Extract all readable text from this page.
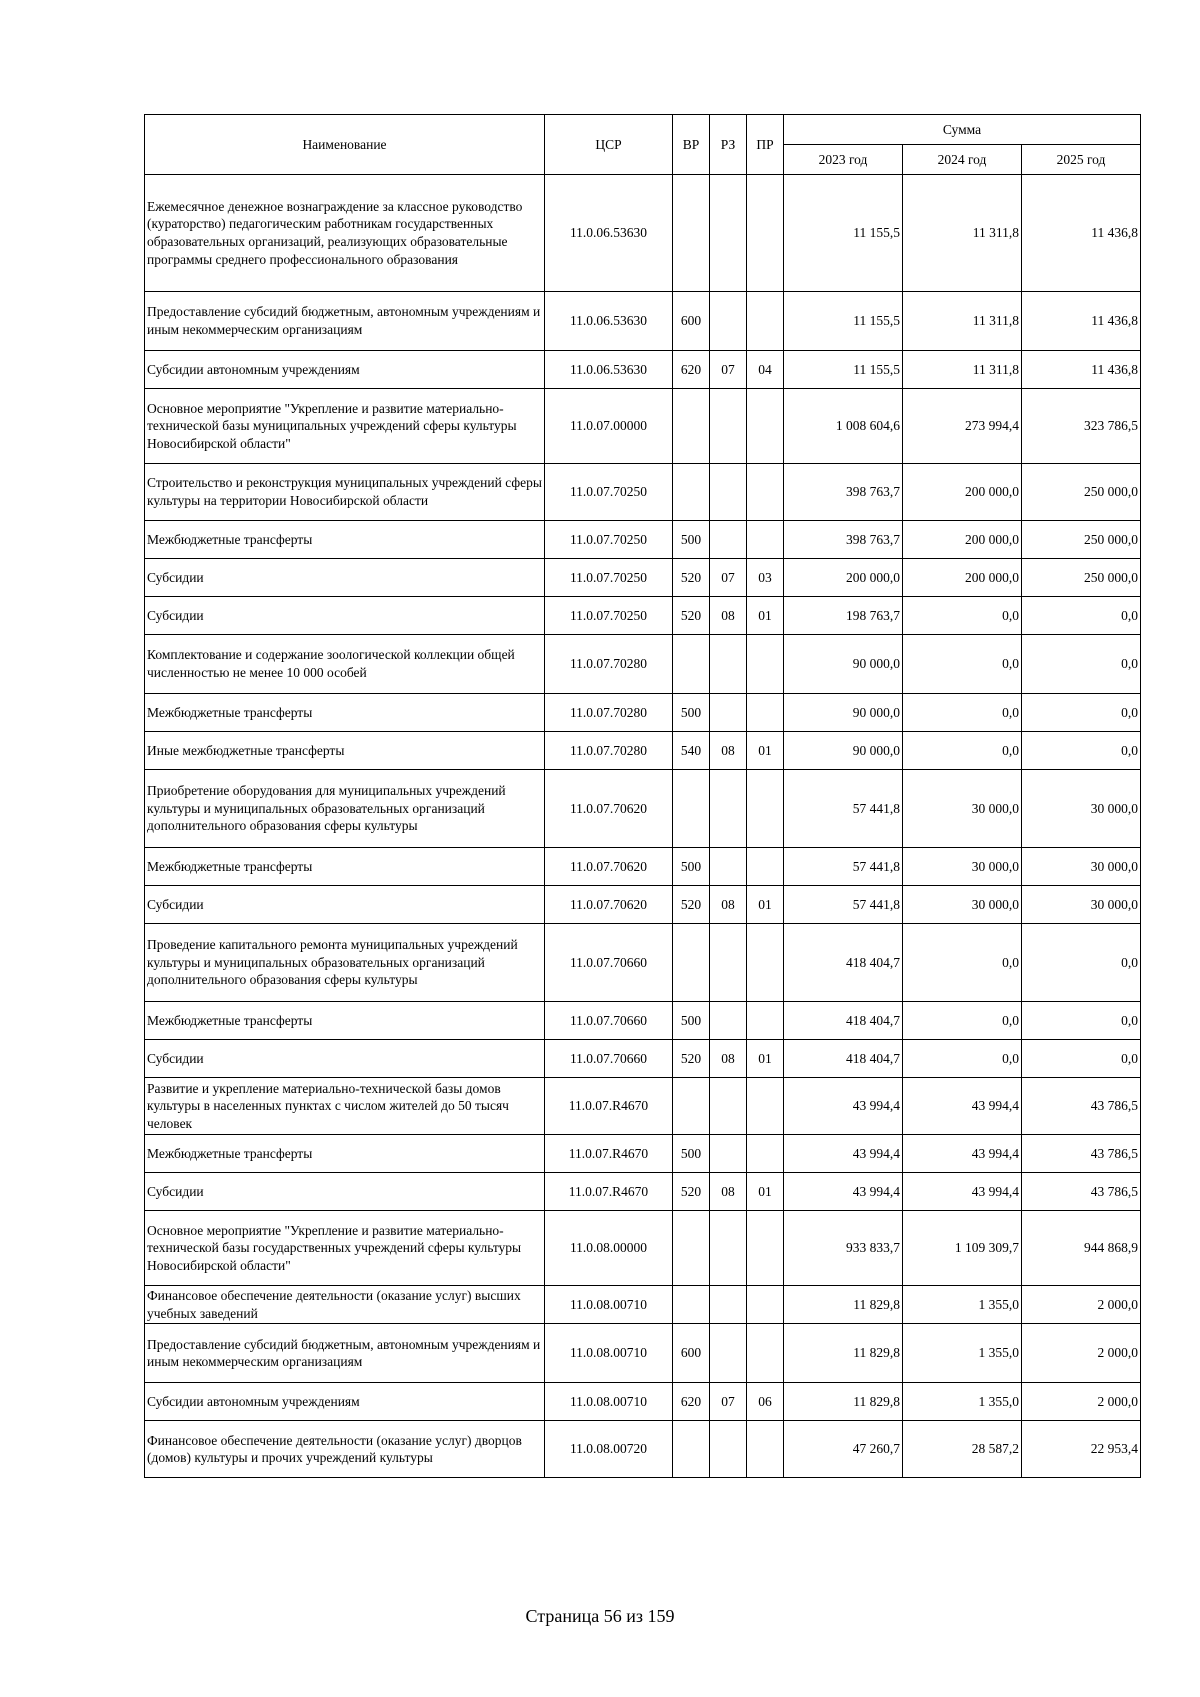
Наименование	ЦСР	ВР	РЗ	ПР	Сумма		
					2023 год	2024 год	2025 год
Ежемесячное денежное вознаграждение за классное руководство (кураторство) педагогическим работникам государственных образовательных организаций, реализующих образовательные программы среднего профессионального образования	11.0.06.53630				11 155,5	11 311,8	11 436,8
Предоставление субсидий бюджетным, автономным учреждениям и иным некоммерческим организациям	11.0.06.53630	600			11 155,5	11 311,8	11 436,8
Субсидии автономным учреждениям	11.0.06.53630	620	07	04	11 155,5	11 311,8	11 436,8
Основное мероприятие "Укрепление и развитие материально-технической базы муниципальных учреждений сферы культуры Новосибирской области"	11.0.07.00000				1 008 604,6	273 994,4	323 786,5
Строительство и реконструкция муниципальных учреждений сферы культуры на территории Новосибирской области	11.0.07.70250				398 763,7	200 000,0	250 000,0
Межбюджетные трансферты	11.0.07.70250	500			398 763,7	200 000,0	250 000,0
Субсидии	11.0.07.70250	520	07	03	200 000,0	200 000,0	250 000,0
Субсидии	11.0.07.70250	520	08	01	198 763,7	0,0	0,0
Комплектование и содержание зоологической коллекции общей численностью не менее 10 000 особей	11.0.07.70280				90 000,0	0,0	0,0
Межбюджетные трансферты	11.0.07.70280	500			90 000,0	0,0	0,0
Иные межбюджетные трансферты	11.0.07.70280	540	08	01	90 000,0	0,0	0,0
Приобретение оборудования для муниципальных учреждений культуры и муниципальных образовательных организаций дополнительного образования сферы культуры	11.0.07.70620				57 441,8	30 000,0	30 000,0
Межбюджетные трансферты	11.0.07.70620	500			57 441,8	30 000,0	30 000,0
Субсидии	11.0.07.70620	520	08	01	57 441,8	30 000,0	30 000,0
Проведение капитального ремонта муниципальных учреждений культуры и муниципальных образовательных организаций дополнительного образования сферы культуры	11.0.07.70660				418 404,7	0,0	0,0
Межбюджетные трансферты	11.0.07.70660	500			418 404,7	0,0	0,0
Субсидии	11.0.07.70660	520	08	01	418 404,7	0,0	0,0
Развитие и укрепление материально-технической базы домов культуры в населенных пунктах с числом жителей до 50 тысяч человек	11.0.07.R4670				43 994,4	43 994,4	43 786,5
Межбюджетные трансферты	11.0.07.R4670	500			43 994,4	43 994,4	43 786,5
Субсидии	11.0.07.R4670	520	08	01	43 994,4	43 994,4	43 786,5
Основное мероприятие "Укрепление и развитие материально-технической базы государственных учреждений сферы культуры Новосибирской области"	11.0.08.00000				933 833,7	1 109 309,7	944 868,9
Финансовое обеспечение деятельности (оказание услуг) высших учебных заведений	11.0.08.00710				11 829,8	1 355,0	2 000,0
Предоставление субсидий бюджетным, автономным учреждениям и иным некоммерческим организациям	11.0.08.00710	600			11 829,8	1 355,0	2 000,0
Субсидии автономным учреждениям	11.0.08.00710	620	07	06	11 829,8	1 355,0	2 000,0
Финансовое обеспечение деятельности (оказание услуг) дворцов (домов) культуры и прочих учреждений культуры	11.0.08.00720				47 260,7	28 587,2	22 953,4
Страница 56 из 159
